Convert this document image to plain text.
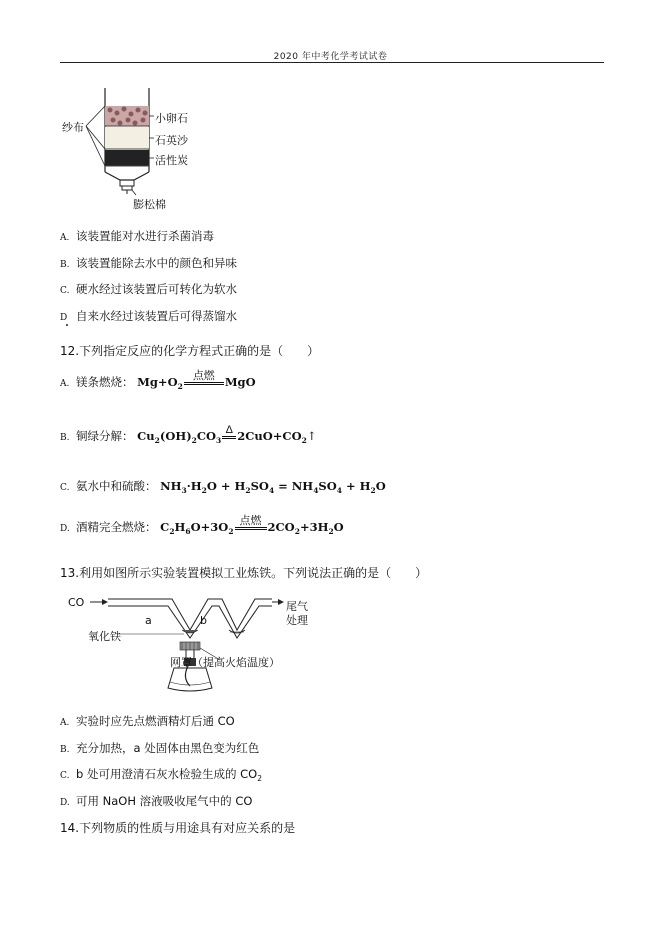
2020 年中考化学考试试卷
纱布
小卵石
石英沙
活性炭
膨松棉
A. 该装置能对水进行杀菌消毒
B. 该装置能除去水中的颜色和异味
C. 硬水经过该装置后可转化为软水
D 自来水经过该装置后可得蒸馏水
12.下列指定反应的化学方程式正确的是（　　）
A. 镁条燃烧： $Mg+O_2$
点燃 MgO
B. 铜绿分解： $Cu_2(OH)_2CO_3$
Δ $2CuO+CO_2↑$
C. 氨水中和硫酸： $NH_3\cdot H_2O + H_2SO_4 = NH_4SO_4 + H_2O$
D. 酒精完全燃烧： $C_2H_6O+3O_2$
点燃 $2CO_2+3H_2O$
13.利用如图所示实验装置模拟工业炼铁。下列说法正确的是（　　）
CO
a	b
尾气
处理
氧化铁
网罩（提高火焰温度）
A. 实验时应先点燃酒精灯后通 CO
B. 充分加热，a 处固体由黑色变为红色
C. b 处可用澄清石灰水检验生成的 $CO_2$
D. 可用 NaOH 溶液吸收尾气中的 CO
14.下列物质的性质与用途具有对应关系的是
